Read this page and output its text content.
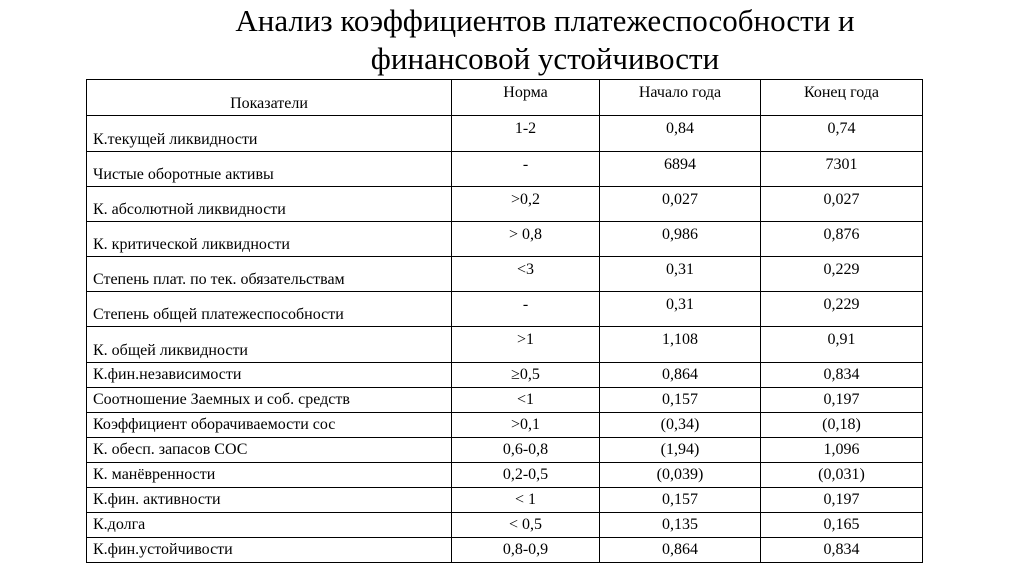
Анализ коэффициентов платежеспособности и
финансовой устойчивости
Показатели	Норма	Начало года	Конец года
К.текущей ликвидности	1-2	0,84	0,74
Чистые оборотные активы	-	6894	7301
К. абсолютной ликвидности	>0,2	0,027	0,027
К. критической ликвидности	> 0,8	0,986	0,876
Степень плат. по тек. обязательствам	<3	0,31	0,229
Степень общей платежеспособности	-	0,31	0,229
К. общей ликвидности	>1	1,108	0,91
К.фин.независимости	≥0,5	0,864	0,834
Соотношение Заемных и соб. средств	<1	0,157	0,197
Коэффициент оборачиваемости сос	>0,1	(0,34)	(0,18)
К. обесп. запасов СОС	0,6-0,8	(1,94)	1,096
К. манёвренности	0,2-0,5	(0,039)	(0,031)
К.фин. активности	< 1	0,157	0,197
К.долга	< 0,5	0,135	0,165
К.фин.устойчивости	0,8-0,9	0,864	0,834
